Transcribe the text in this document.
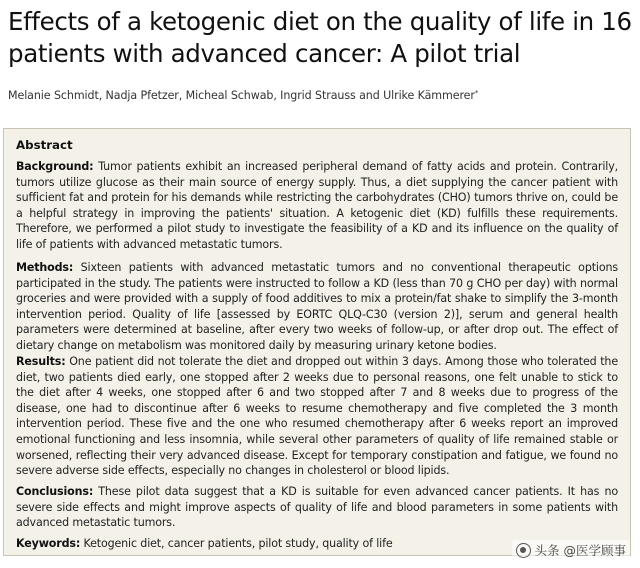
Effects of a ketogenic diet on the quality of life in 16 patients with advanced cancer: A pilot trial
Melanie Schmidt, Nadja Pfetzer, Micheal Schwab, Ingrid Strauss and Ulrike Kämmerer*
Abstract

Background: Tumor patients exhibit an increased peripheral demand of fatty acids and protein. Contrarily, tumors utilize glucose as their main source of energy supply. Thus, a diet supplying the cancer patient with sufficient fat and protein for his demands while restricting the carbohydrates (CHO) tumors thrive on, could be a helpful strategy in improving the patients' situation. A ketogenic diet (KD) fulfills these requirements. Therefore, we performed a pilot study to investigate the feasibility of a KD and its influence on the quality of life of patients with advanced metastatic tumors.

Methods: Sixteen patients with advanced metastatic tumors and no conventional therapeutic options participated in the study. The patients were instructed to follow a KD (less than 70 g CHO per day) with normal groceries and were provided with a supply of food additives to mix a protein/fat shake to simplify the 3-month intervention period. Quality of life [assessed by EORTC QLQ-C30 (version 2)], serum and general health parameters were determined at baseline, after every two weeks of follow-up, or after drop out. The effect of dietary change on metabolism was monitored daily by measuring urinary ketone bodies.

Results: One patient did not tolerate the diet and dropped out within 3 days. Among those who tolerated the diet, two patients died early, one stopped after 2 weeks due to personal reasons, one felt unable to stick to the diet after 4 weeks, one stopped after 6 and two stopped after 7 and 8 weeks due to progress of the disease, one had to discontinue after 6 weeks to resume chemotherapy and five completed the 3 month intervention period. These five and the one who resumed chemotherapy after 6 weeks report an improved emotional functioning and less insomnia, while several other parameters of quality of life remained stable or worsened, reflecting their very advanced disease. Except for temporary constipation and fatigue, we found no severe adverse side effects, especially no changes in cholesterol or blood lipids.

Conclusions: These pilot data suggest that a KD is suitable for even advanced cancer patients. It has no severe side effects and might improve aspects of quality of life and blood parameters in some patients with advanced metastatic tumors.

Keywords: Ketogenic diet, cancer patients, pilot study, quality of life	头条 @医学顾事
